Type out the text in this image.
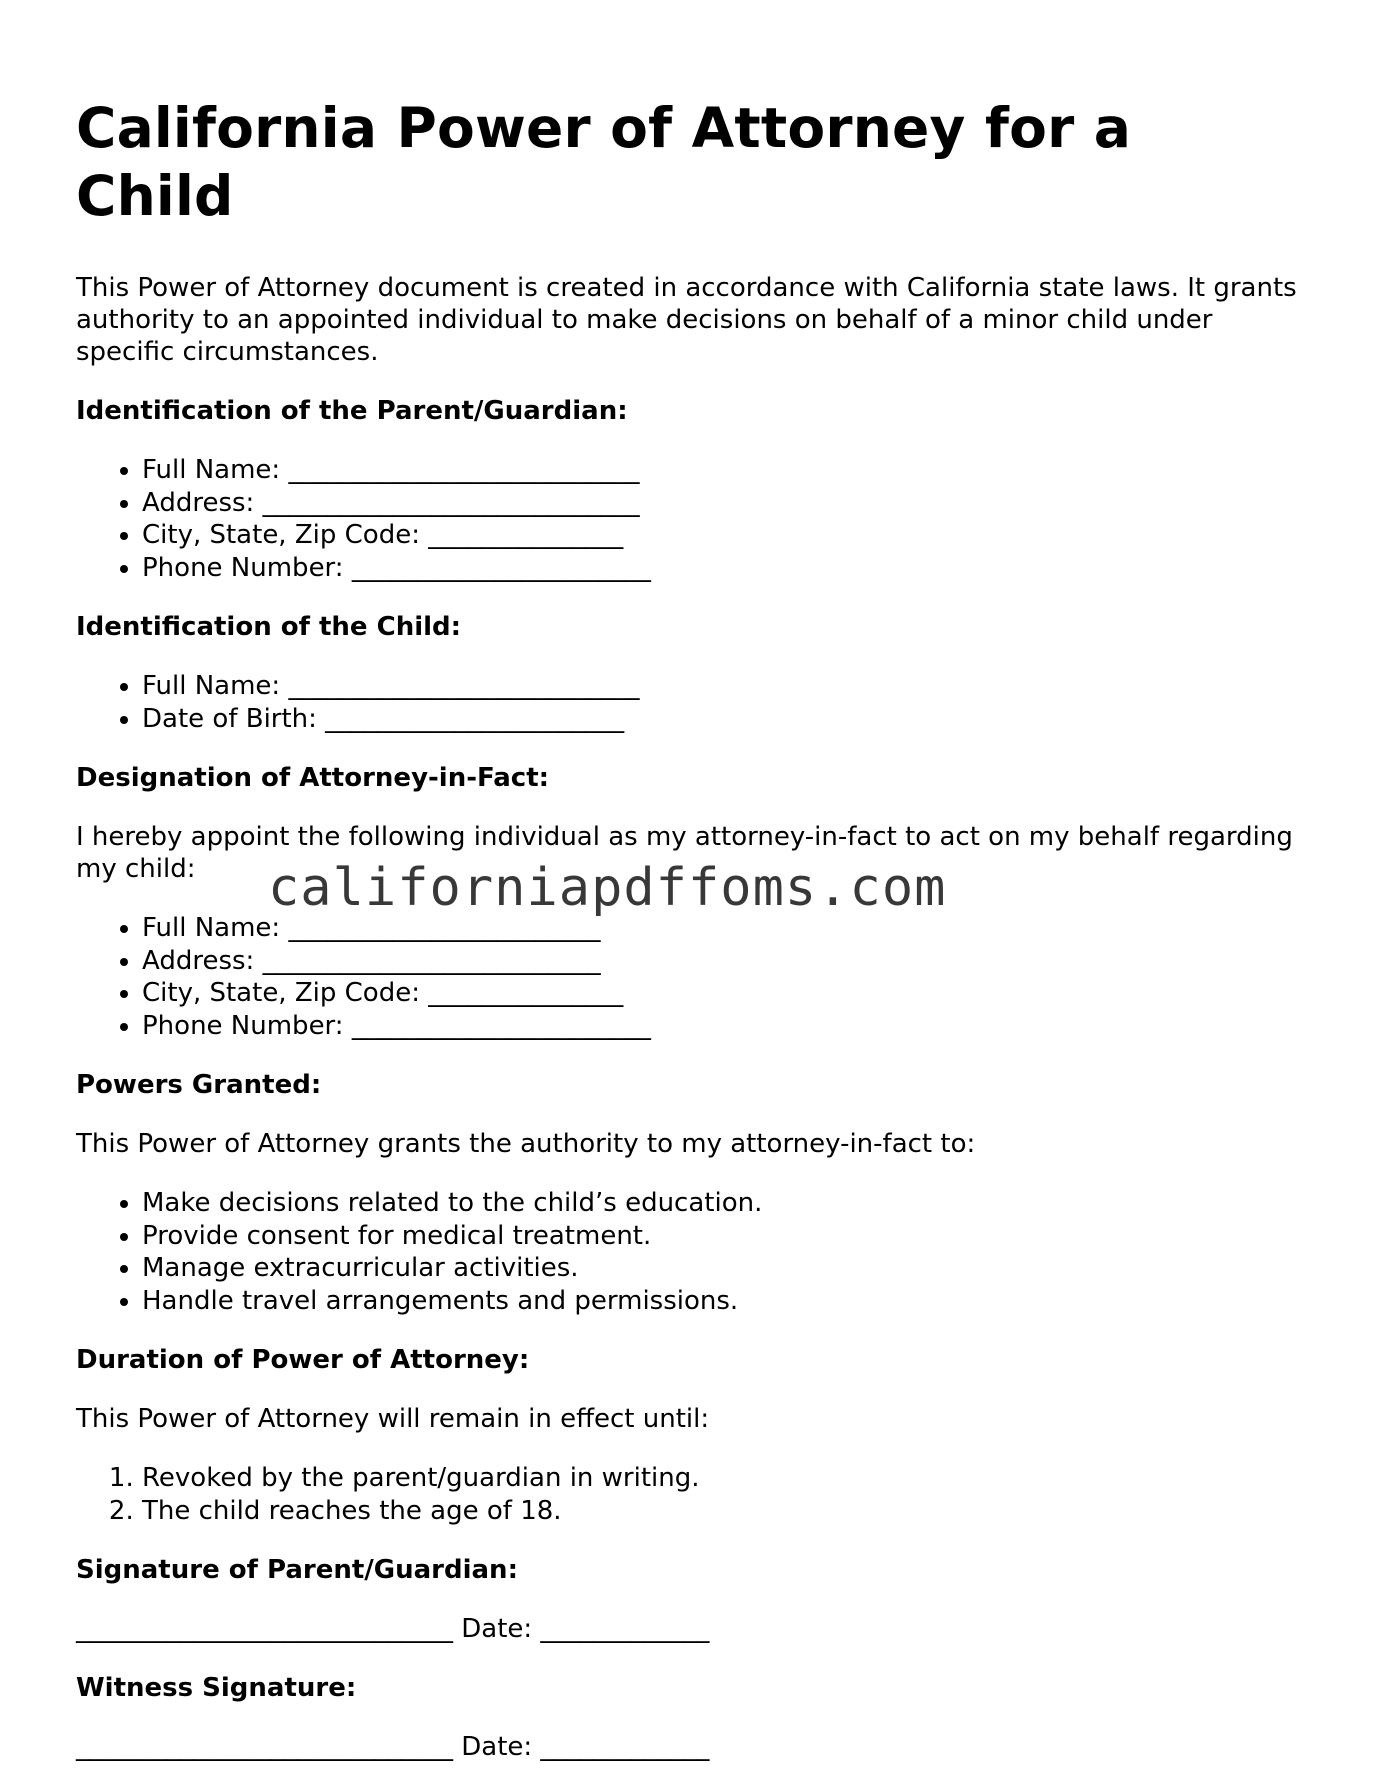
California Power of Attorney for a Child

This Power of Attorney document is created in accordance with California state laws. It grants authority to an appointed individual to make decisions on behalf of a minor child under specific circumstances.

Identification of the Parent/Guardian:
• Full Name: ___________________________
• Address: _____________________________
• City, State, Zip Code: _______________
• Phone Number: _______________________
Identification of the Child:
• Full Name: ___________________________
• Date of Birth: _______________________
Designation of Attorney-in-Fact:

I hereby appoint the following individual as my attorney-in-fact to act on my behalf regarding my child:

• Full Name: ________________________
• Address: __________________________
• City, State, Zip Code: _______________
• Phone Number: _______________________
Powers Granted:

This Power of Attorney grants the authority to my attorney-in-fact to:

• Make decisions related to the child’s education.
• Provide consent for medical treatment.
• Manage extracurricular activities.
• Handle travel arrangements and permissions.
Duration of Power of Attorney:

This Power of Attorney will remain in effect until:

1. Revoked by the parent/guardian in writing.
2. The child reaches the age of 18.
Signature of Parent/Guardian:
_____________________________ Date: _____________
Witness Signature:
_____________________________ Date: _____________
californiapdffoms.com
